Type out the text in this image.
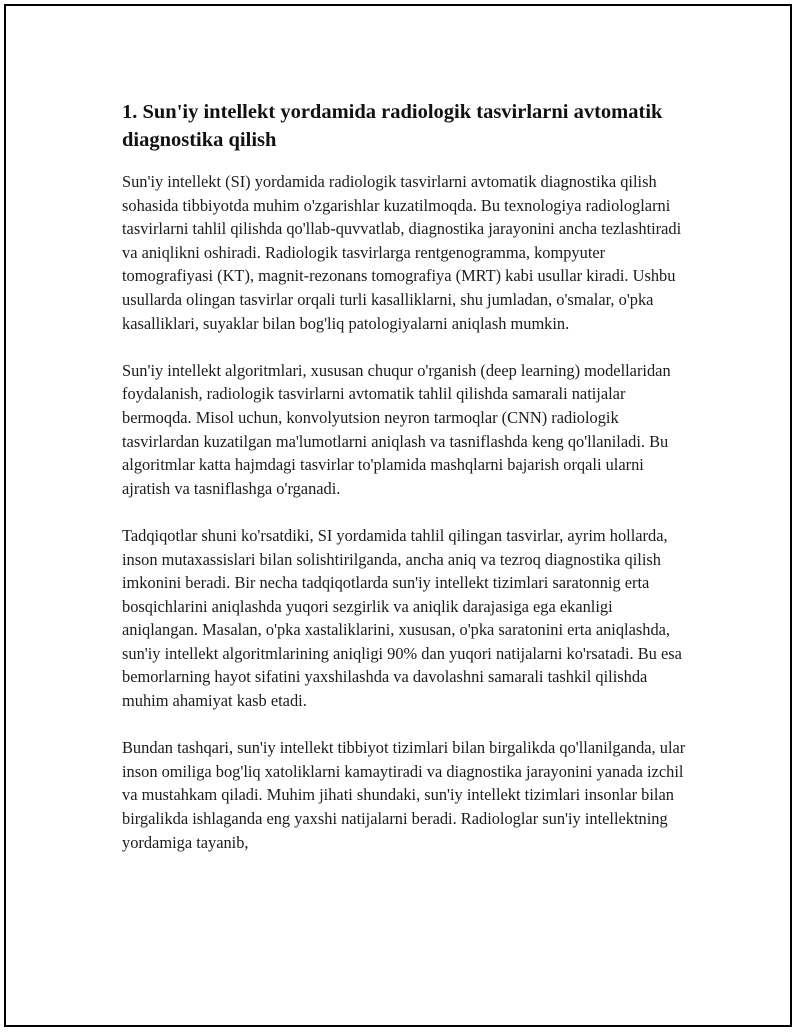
1. Sun'iy intellekt yordamida radiologik tasvirlarni avtomatik diagnostika qilish

Sun'iy intellekt (SI) yordamida radiologik tasvirlarni avtomatik diagnostika qilish sohasida tibbiyotda muhim o'zgarishlar kuzatilmoqda. Bu texnologiya radiologlarni tasvirlarni tahlil qilishda qo'llab-quvvatlab, diagnostika jarayonini ancha tezlashtiradi va aniqlikni oshiradi. Radiologik tasvirlarga rentgenogramma, kompyuter tomografiyasi (KT), magnit-rezonans tomografiya (MRT) kabi usullar kiradi. Ushbu usullarda olingan tasvirlar orqali turli kasalliklarni, shu jumladan, o'smalar, o'pka kasalliklari, suyaklar bilan bog'liq patologiyalarni aniqlash mumkin.

Sun'iy intellekt algoritmlari, xususan chuqur o'rganish (deep learning) modellaridan foydalanish, radiologik tasvirlarni avtomatik tahlil qilishda samarali natijalar bermoqda. Misol uchun, konvolyutsion neyron tarmoqlar (CNN) radiologik tasvirlardan kuzatilgan ma'lumotlarni aniqlash va tasniflashda keng qo'llaniladi. Bu algoritmlar katta hajmdagi tasvirlar to'plamida mashqlarni bajarish orqali ularni ajratish va tasniflashga o'rganadi.

Tadqiqotlar shuni ko'rsatdiki, SI yordamida tahlil qilingan tasvirlar, ayrim hollarda, inson mutaxassislari bilan solishtirilganda, ancha aniq va tezroq diagnostika qilish imkonini beradi. Bir necha tadqiqotlarda sun'iy intellekt tizimlari saratonnig erta bosqichlarini aniqlashda yuqori sezgirlik va aniqlik darajasiga ega ekanligi aniqlangan. Masalan, o'pka xastaliklarini, xususan, o'pka saratonini erta aniqlashda, sun'iy intellekt algoritmlarining aniqligi 90% dan yuqori natijalarni ko'rsatadi. Bu esa bemorlarning hayot sifatini yaxshilashda va davolashni samarali tashkil qilishda muhim ahamiyat kasb etadi.

Bundan tashqari, sun'iy intellekt tibbiyot tizimlari bilan birgalikda qo'llanilganda, ular inson omiliga bog'liq xatoliklarni kamaytiradi va diagnostika jarayonini yanada izchil va mustahkam qiladi. Muhim jihati shundaki, sun'iy intellekt tizimlari insonlar bilan birgalikda ishlaganda eng yaxshi natijalarni beradi. Radiologlar sun'iy intellektning yordamiga tayanib,
